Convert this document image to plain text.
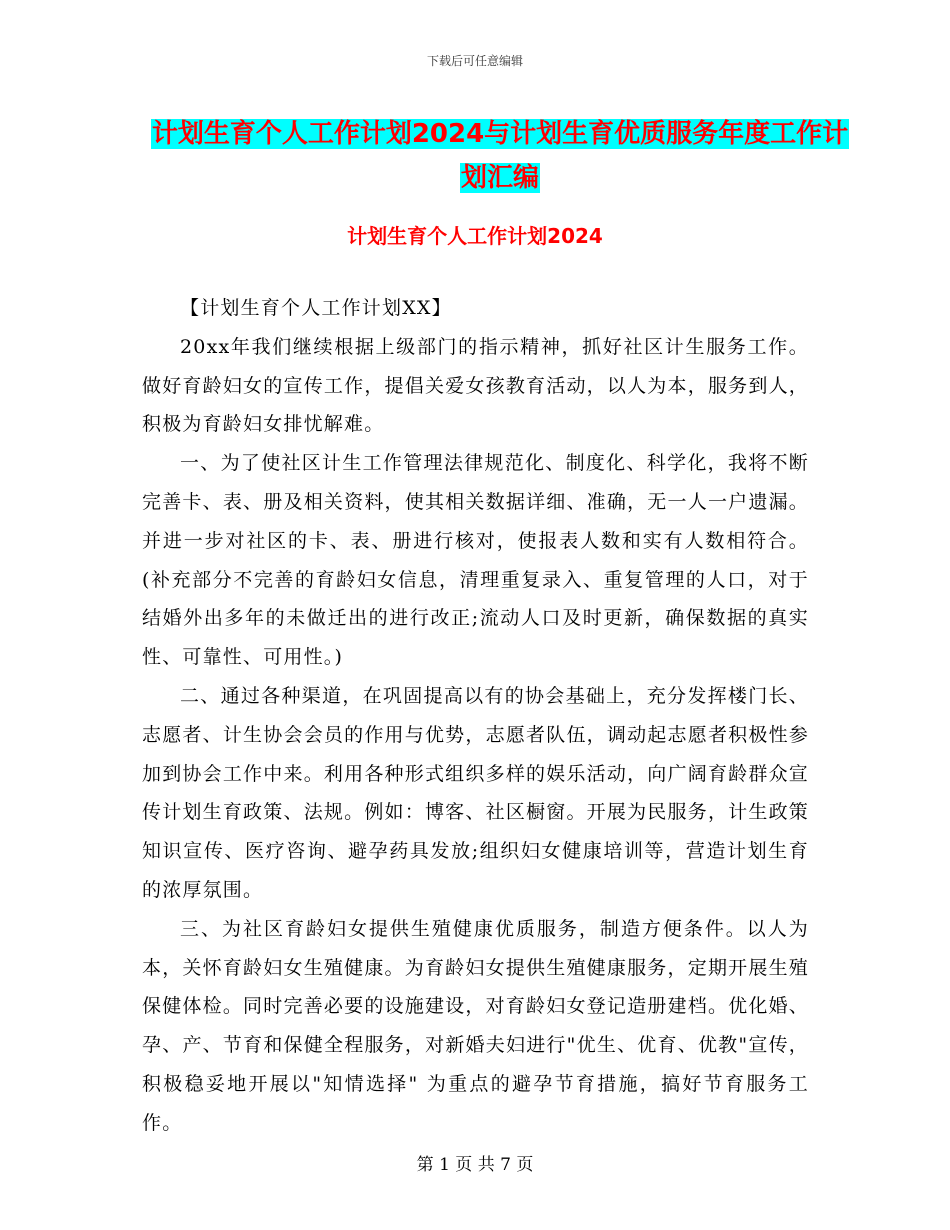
下载后可任意编辑
计划生育个人工作计划2024与计划生育优质服务年度工作计划汇编
计划生育个人工作计划2024

【计划生育个人工作计划XX】

20xx年我们继续根据上级部门的指示精神，抓好社区计生服务工作。做好育龄妇女的宣传工作，提倡关爱女孩教育活动，以人为本，服务到人，积极为育龄妇女排忧解难。

一、为了使社区计生工作管理法律规范化、制度化、科学化，我将不断完善卡、表、册及相关资料，使其相关数据详细、准确，无一人一户遗漏。并进一步对社区的卡、表、册进行核对，使报表人数和实有人数相符合。(补充部分不完善的育龄妇女信息，清理重复录入、重复管理的人口，对于结婚外出多年的未做迁出的进行改正;流动人口及时更新，确保数据的真实性、可靠性、可用性。)

二、通过各种渠道，在巩固提高以有的协会基础上，充分发挥楼门长、志愿者、计生协会会员的作用与优势，志愿者队伍，调动起志愿者积极性参加到协会工作中来。利用各种形式组织多样的娱乐活动，向广阔育龄群众宣传计划生育政策、法规。例如：博客、社区橱窗。开展为民服务，计生政策知识宣传、医疗咨询、避孕药具发放;组织妇女健康培训等，营造计划生育的浓厚氛围。

三、为社区育龄妇女提供生殖健康优质服务，制造方便条件。以人为本，关怀育龄妇女生殖健康。为育龄妇女提供生殖健康服务，定期开展生殖保健体检。同时完善必要的设施建设，对育龄妇女登记造册建档。优化婚、孕、产、节育和保健全程服务，对新婚夫妇进行"优生、优育、优教"宣传，积极稳妥地开展以"知情选择" 为重点的避孕节育措施，搞好节育服务工作。

第 1 页 共 7 页
